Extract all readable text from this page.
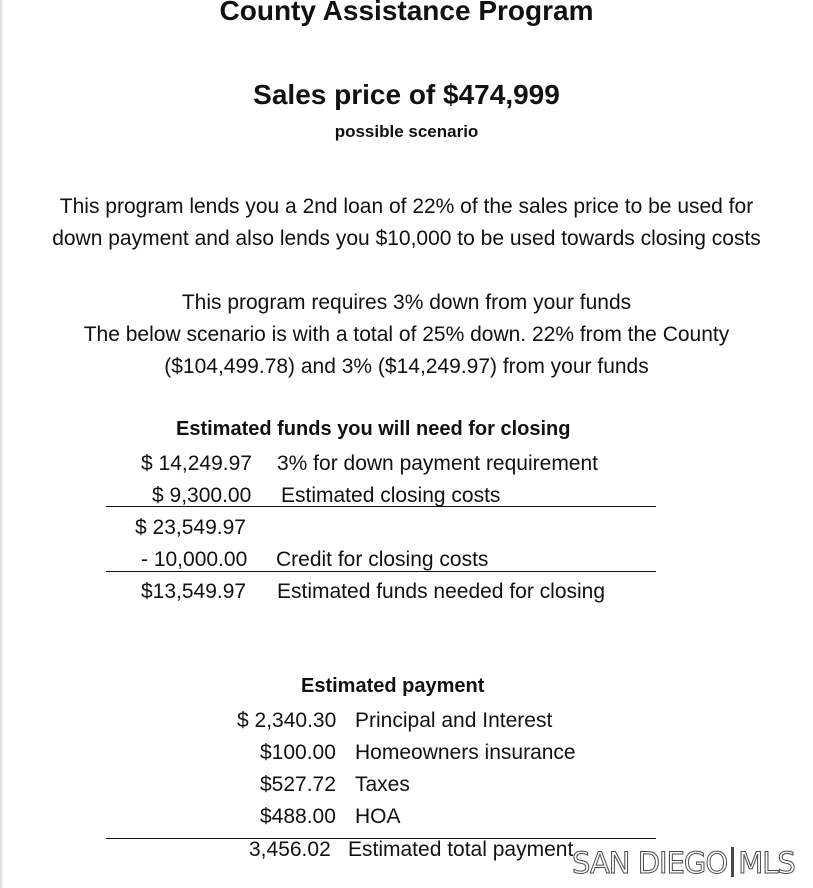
County Assistance Program
Sales price of $474,999
possible scenario
This program lends you a 2nd loan of 22% of the sales price to be used for
down payment and also lends you $10,000 to be used towards closing costs
This program requires 3% down from your funds
The below scenario is with a total of 25% down. 22% from the County
($104,499.78) and 3% ($14,249.97) from your funds
Estimated funds you will need for closing
$ 14,249.97 3% for down payment requirement
$ 9,300.00 Estimated closing costs
$ 23,549.97
- 10,000.00 Credit for closing costs
$13,549.97 Estimated funds needed for closing
Estimated payment
$ 2,340.30 Principal and Interest
$100.00 Homeowners insurance
$527.72 Taxes
$488.00 HOA
3,456.02 Estimated total payment
SAN DIEGO MLS
